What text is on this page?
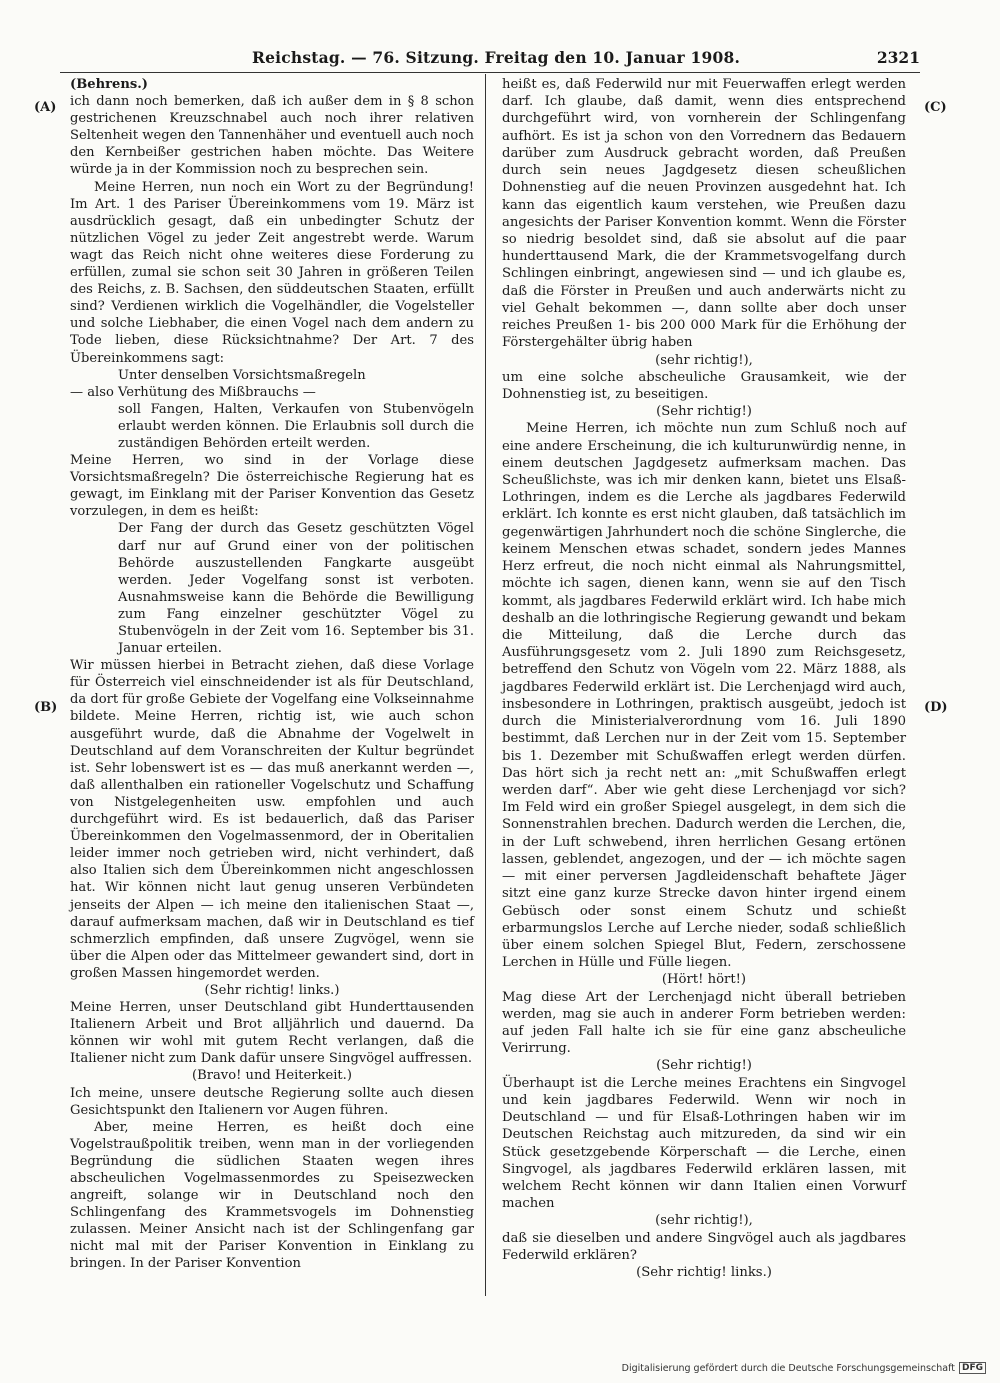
Reichstag. — 76. Sitzung. Freitag den 10. Januar 1908.	2321
(A)
(B)
(C)
(D)

(Behrens.)

ich dann noch bemerken, daß ich außer dem in § 8 schon gestrichenen Kreuzschnabel auch noch ihrer relativen Seltenheit wegen den Tannenhäher und eventuell auch noch den Kernbeißer gestrichen haben möchte. Das Weitere würde ja in der Kommission noch zu besprechen sein.

Meine Herren, nun noch ein Wort zu der Begründung! Im Art. 1 des Pariser Übereinkommens vom 19. März ist ausdrücklich gesagt, daß ein unbedingter Schutz der nützlichen Vögel zu jeder Zeit angestrebt werde. Warum wagt das Reich nicht ohne weiteres diese Forderung zu erfüllen, zumal sie schon seit 30 Jahren in größeren Teilen des Reichs, z. B. Sachsen, den süddeutschen Staaten, erfüllt sind? Verdienen wirklich die Vogelhändler, die Vogelsteller und solche Liebhaber, die einen Vogel nach dem andern zu Tode lieben, diese Rücksichtnahme? Der Art. 7 des Übereinkommens sagt:

Unter denselben Vorsichtsmaßregeln

— also Verhütung des Mißbrauchs —

soll Fangen, Halten, Verkaufen von Stubenvögeln erlaubt werden können. Die Erlaubnis soll durch die zuständigen Behörden erteilt werden.

Meine Herren, wo sind in der Vorlage diese Vorsichtsmaßregeln? Die österreichische Regierung hat es gewagt, im Einklang mit der Pariser Konvention das Gesetz vorzulegen, in dem es heißt:

Der Fang der durch das Gesetz geschützten Vögel darf nur auf Grund einer von der politischen Behörde auszustellenden Fangkarte ausgeübt werden. Jeder Vogelfang sonst ist verboten. Ausnahmsweise kann die Behörde die Bewilligung zum Fang einzelner geschützter Vögel zu Stubenvögeln in der Zeit vom 16. September bis 31. Januar erteilen.

Wir müssen hierbei in Betracht ziehen, daß diese Vorlage für Österreich viel einschneidender ist als für Deutschland, da dort für große Gebiete der Vogelfang eine Volkseinnahme bildete. Meine Herren, richtig ist, wie auch schon ausgeführt wurde, daß die Abnahme der Vogelwelt in Deutschland auf dem Voranschreiten der Kultur begründet ist. Sehr lobenswert ist es — das muß anerkannt werden —, daß allenthalben ein rationeller Vogelschutz und Schaffung von Nistgelegenheiten usw. empfohlen und auch durchgeführt wird. Es ist bedauerlich, daß das Pariser Übereinkommen den Vogelmassenmord, der in Oberitalien leider immer noch getrieben wird, nicht verhindert, daß also Italien sich dem Übereinkommen nicht angeschlossen hat. Wir können nicht laut genug unseren Verbündeten jenseits der Alpen — ich meine den italienischen Staat —, darauf aufmerksam machen, daß wir in Deutschland es tief schmerzlich empfinden, daß unsere Zugvögel, wenn sie über die Alpen oder das Mittelmeer gewandert sind, dort in großen Massen hingemordet werden.

(Sehr richtig! links.)

Meine Herren, unser Deutschland gibt Hunderttausenden Italienern Arbeit und Brot alljährlich und dauernd. Da können wir wohl mit gutem Recht verlangen, daß die Italiener nicht zum Dank dafür unsere Singvögel auffressen.

(Bravo! und Heiterkeit.)

Ich meine, unsere deutsche Regierung sollte auch diesen Gesichtspunkt den Italienern vor Augen führen.

Aber, meine Herren, es heißt doch eine Vogelstraußpolitik treiben, wenn man in der vorliegenden Begründung die südlichen Staaten wegen ihres abscheulichen Vogelmassenmordes zu Speisezwecken angreift, solange wir in Deutschland noch den Schlingenfang des Krammetsvogels im Dohnenstieg zulassen. Meiner Ansicht nach ist der Schlingenfang gar nicht mal mit der Pariser Konvention in Einklang zu bringen. In der Pariser Konvention

heißt es, daß Federwild nur mit Feuerwaffen erlegt werden darf. Ich glaube, daß damit, wenn dies entsprechend durchgeführt wird, von vornherein der Schlingenfang aufhört. Es ist ja schon von den Vorrednern das Bedauern darüber zum Ausdruck gebracht worden, daß Preußen durch sein neues Jagdgesetz diesen scheußlichen Dohnenstieg auf die neuen Provinzen ausgedehnt hat. Ich kann das eigentlich kaum verstehen, wie Preußen dazu angesichts der Pariser Konvention kommt. Wenn die Förster so niedrig besoldet sind, daß sie absolut auf die paar hunderttausend Mark, die der Krammetsvogelfang durch Schlingen einbringt, angewiesen sind — und ich glaube es, daß die Förster in Preußen und auch anderwärts nicht zu viel Gehalt bekommen —, dann sollte aber doch unser reiches Preußen 1- bis 200 000 Mark für die Erhöhung der Förstergehälter übrig haben

(sehr richtig!),

um eine solche abscheuliche Grausamkeit, wie der Dohnenstieg ist, zu beseitigen.

(Sehr richtig!)

Meine Herren, ich möchte nun zum Schluß noch auf eine andere Erscheinung, die ich kulturunwürdig nenne, in einem deutschen Jagdgesetz aufmerksam machen. Das Scheußlichste, was ich mir denken kann, bietet uns Elsaß-Lothringen, indem es die Lerche als jagdbares Federwild erklärt. Ich konnte es erst nicht glauben, daß tatsächlich im gegenwärtigen Jahrhundert noch die schöne Singlerche, die keinem Menschen etwas schadet, sondern jedes Mannes Herz erfreut, die noch nicht einmal als Nahrungsmittel, möchte ich sagen, dienen kann, wenn sie auf den Tisch kommt, als jagdbares Federwild erklärt wird. Ich habe mich deshalb an die lothringische Regierung gewandt und bekam die Mitteilung, daß die Lerche durch das Ausführungsgesetz vom 2. Juli 1890 zum Reichsgesetz, betreffend den Schutz von Vögeln vom 22. März 1888, als jagdbares Federwild erklärt ist. Die Lerchenjagd wird auch, insbesondere in Lothringen, praktisch ausgeübt, jedoch ist durch die Ministerialverordnung vom 16. Juli 1890 bestimmt, daß Lerchen nur in der Zeit vom 15. September bis 1. Dezember mit Schußwaffen erlegt werden dürfen. Das hört sich ja recht nett an: „mit Schußwaffen erlegt werden darf“. Aber wie geht diese Lerchenjagd vor sich? Im Feld wird ein großer Spiegel ausgelegt, in dem sich die Sonnenstrahlen brechen. Dadurch werden die Lerchen, die, in der Luft schwebend, ihren herrlichen Gesang ertönen lassen, geblendet, angezogen, und der — ich möchte sagen — mit einer perversen Jagdleidenschaft behaftete Jäger sitzt eine ganz kurze Strecke davon hinter irgend einem Gebüsch oder sonst einem Schutz und schießt erbarmungslos Lerche auf Lerche nieder, sodaß schließlich über einem solchen Spiegel Blut, Federn, zerschossene Lerchen in Hülle und Fülle liegen.

(Hört! hört!)

Mag diese Art der Lerchenjagd nicht überall betrieben werden, mag sie auch in anderer Form betrieben werden: auf jeden Fall halte ich sie für eine ganz abscheuliche Verirrung.

(Sehr richtig!)

Überhaupt ist die Lerche meines Erachtens ein Singvogel und kein jagdbares Federwild. Wenn wir noch in Deutschland — und für Elsaß-Lothringen haben wir im Deutschen Reichstag auch mitzureden, da sind wir ein Stück gesetzgebende Körperschaft — die Lerche, einen Singvogel, als jagdbares Federwild erklären lassen, mit welchem Recht können wir dann Italien einen Vorwurf machen

(sehr richtig!),

daß sie dieselben und andere Singvögel auch als jagdbares Federwild erklären?

(Sehr richtig! links.)

Digitalisierung gefördert durch die Deutsche Forschungsgemeinschaft DFG
